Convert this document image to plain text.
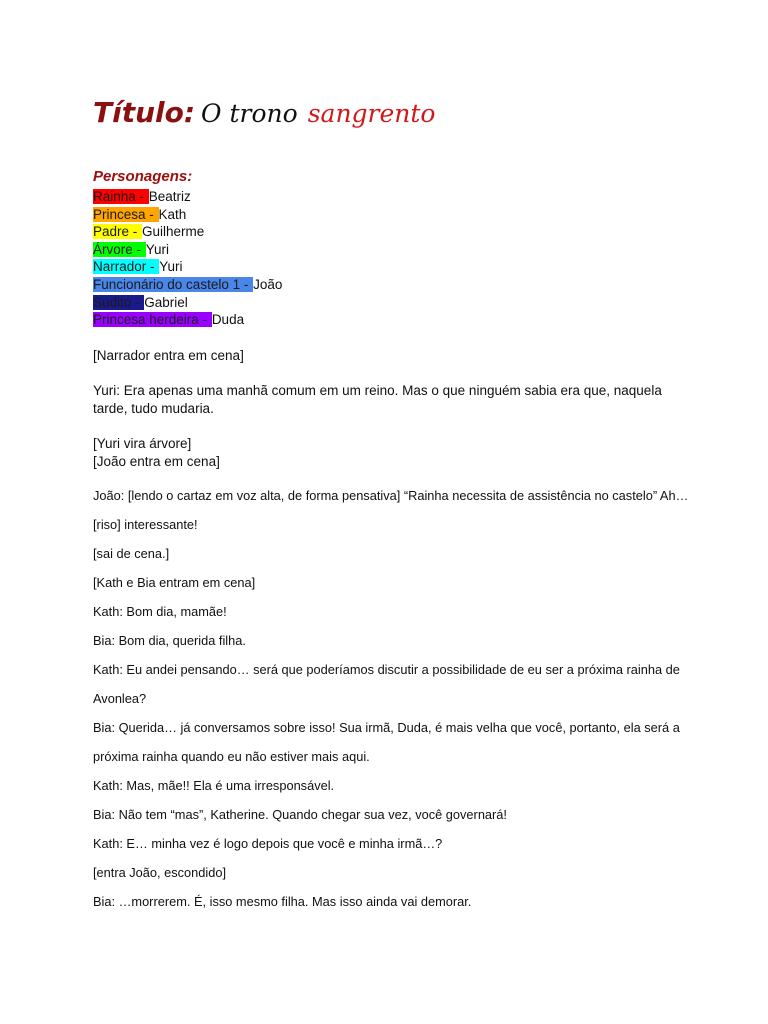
Título: O trono sangrento
Personagens:
Rainha - Beatriz
Princesa - Kath
Padre - Guilherme
Árvore - Yuri
Narrador - Yuri
Funcionário do castelo 1 - João
Súdito - Gabriel
Princesa herdeira - Duda
[Narrador entra em cena]
Yuri: Era apenas uma manhã comum em um reino. Mas o que ninguém sabia era que, naquela tarde, tudo mudaria.
[Yuri vira árvore]
[João entra em cena]

João: [lendo o cartaz em voz alta, de forma pensativa] “Rainha necessita de assistência no castelo” Ah… [riso] interessante!

[sai de cena.]

[Kath e Bia entram em cena]

Kath: Bom dia, mamãe!

Bia: Bom dia, querida filha.

Kath: Eu andei pensando… será que poderíamos discutir a possibilidade de eu ser a próxima rainha de Avonlea?

Bia: Querida… já conversamos sobre isso! Sua irmã, Duda, é mais velha que você, portanto, ela será a próxima rainha quando eu não estiver mais aqui.

Kath: Mas, mãe!! Ela é uma irresponsável.

Bia: Não tem “mas”, Katherine. Quando chegar sua vez, você governará!

Kath: E… minha vez é logo depois que você e minha irmã…?

[entra João, escondido]

Bia: …morrerem. É, isso mesmo filha. Mas isso ainda vai demorar.
